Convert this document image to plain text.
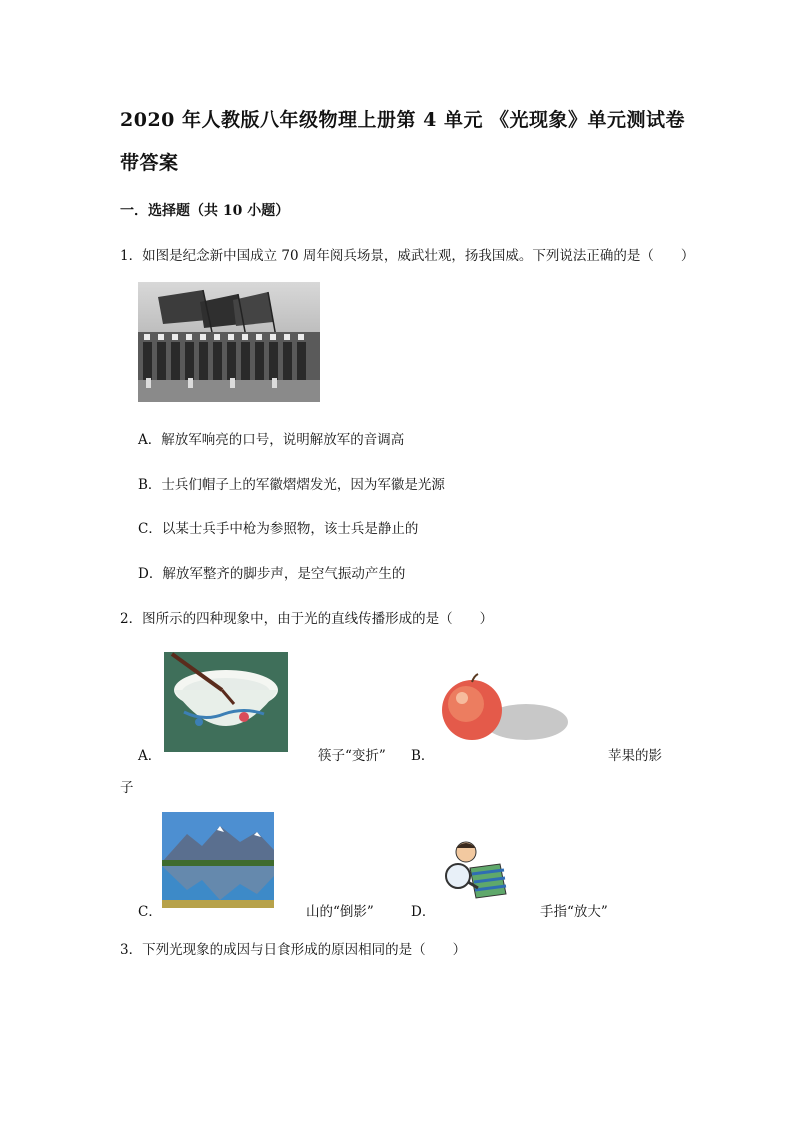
2020 年人教版八年级物理上册第 4 单元 《光现象》单元测试卷
带答案
一．选择题（共 10 小题）
1．如图是纪念新中国成立 70 周年阅兵场景，威武壮观，扬我国威。下列说法正确的是（　　）
A．解放军响亮的口号，说明解放军的音调高
B．士兵们帽子上的军徽熠熠发光，因为军徽是光源
C．以某士兵手中枪为参照物，该士兵是静止的
D．解放军整齐的脚步声，是空气振动产生的
2．图所示的四种现象中，由于光的直线传播形成的是（　　）
A．	筷子“变折” B．	苹果的影
子
C．	山的“倒影”	D．	手指“放大”
3．下列光现象的成因与日食形成的原因相同的是（　　）
